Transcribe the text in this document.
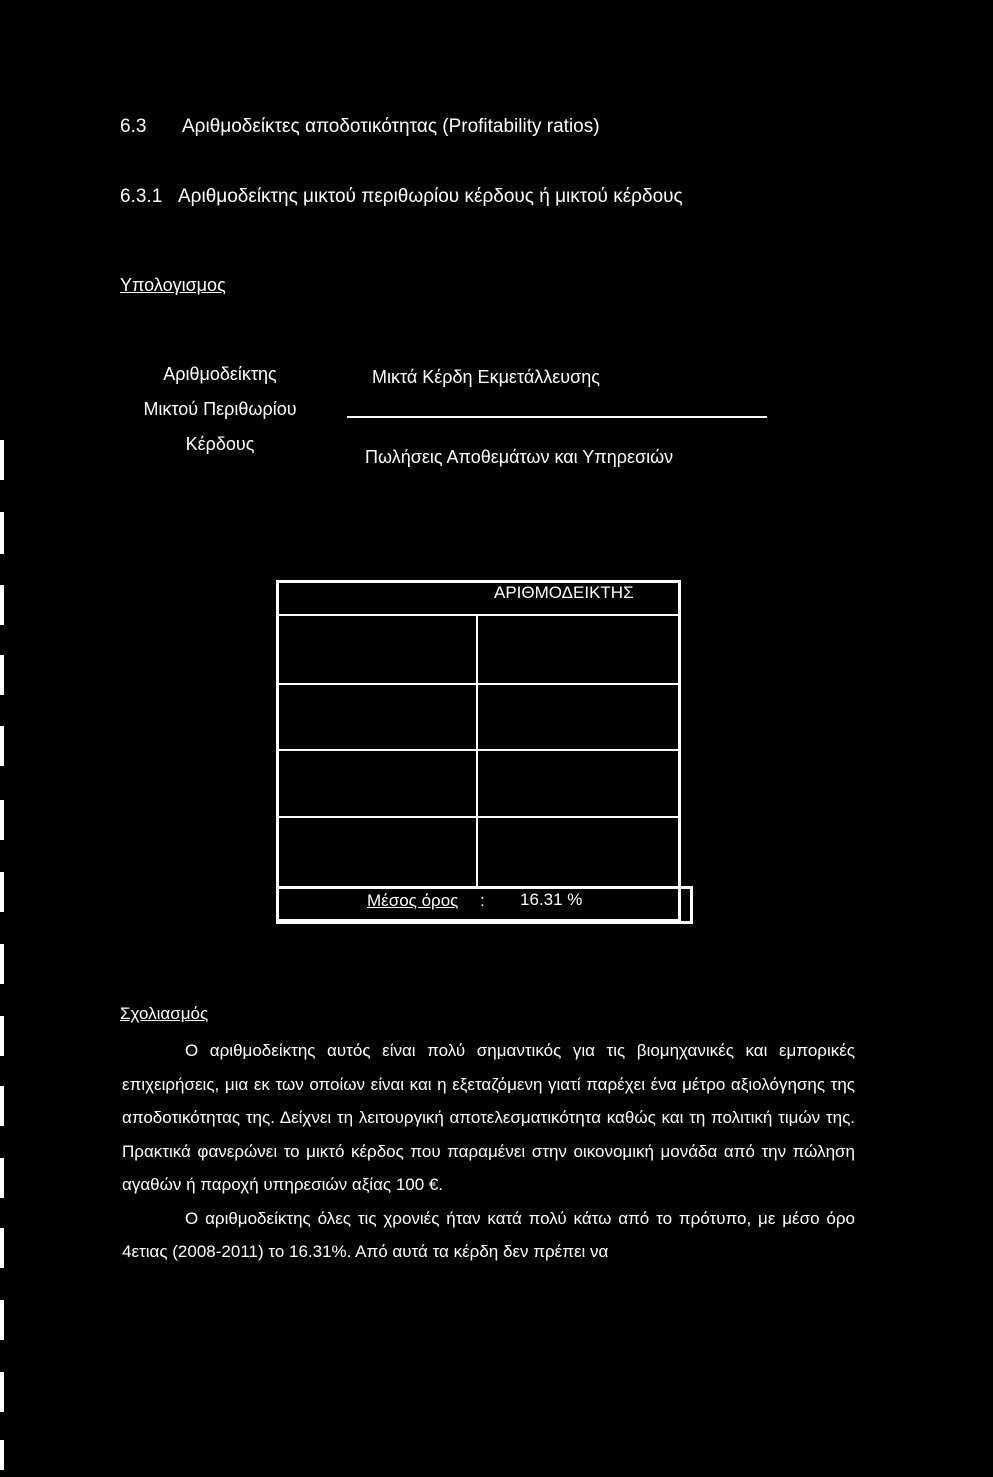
6.3 Αριθμοδείκτες αποδοτικότητας (Profitability ratios)
6.3.1 Αριθμοδείκτης μικτού περιθωρίου κέρδους ή μικτού κέρδους
Υπολογισμος
Αριθμοδείκτης Μικτού Περιθωρίου Κέρδους
Μικτά Κέρδη Εκμετάλλευσης
Πωλήσεις Αποθεμάτων και Υπηρεσιών
ΑΡΙΘΜΟΔΕΙΚΤΗΣ
Μέσος όρος : 16.31 %
Σχολιασμός

Ο αριθμοδείκτης αυτός είναι πολύ σημαντικός για τις βιομηχανικές και εμπορικές επιχειρήσεις, μια εκ των οποίων είναι και η εξεταζόμενη γιατί παρέχει ένα μέτρο αξιολόγησης της αποδοτικότητας της. Δείχνει τη λειτουργική αποτελεσματικότητα καθώς και τη πολιτική τιμών της. Πρακτικά φανερώνει το μικτό κέρδος που παραμένει στην οικονομική μονάδα από την πώληση αγαθών ή παροχή υπηρεσιών αξίας 100 €.

Ο αριθμοδείκτης όλες τις χρονιές ήταν κατά πολύ κάτω από το πρότυπο, με μέσο όρο 4ετιας (2008-2011) το 16.31%. Από αυτά τα κέρδη δεν πρέπει να
